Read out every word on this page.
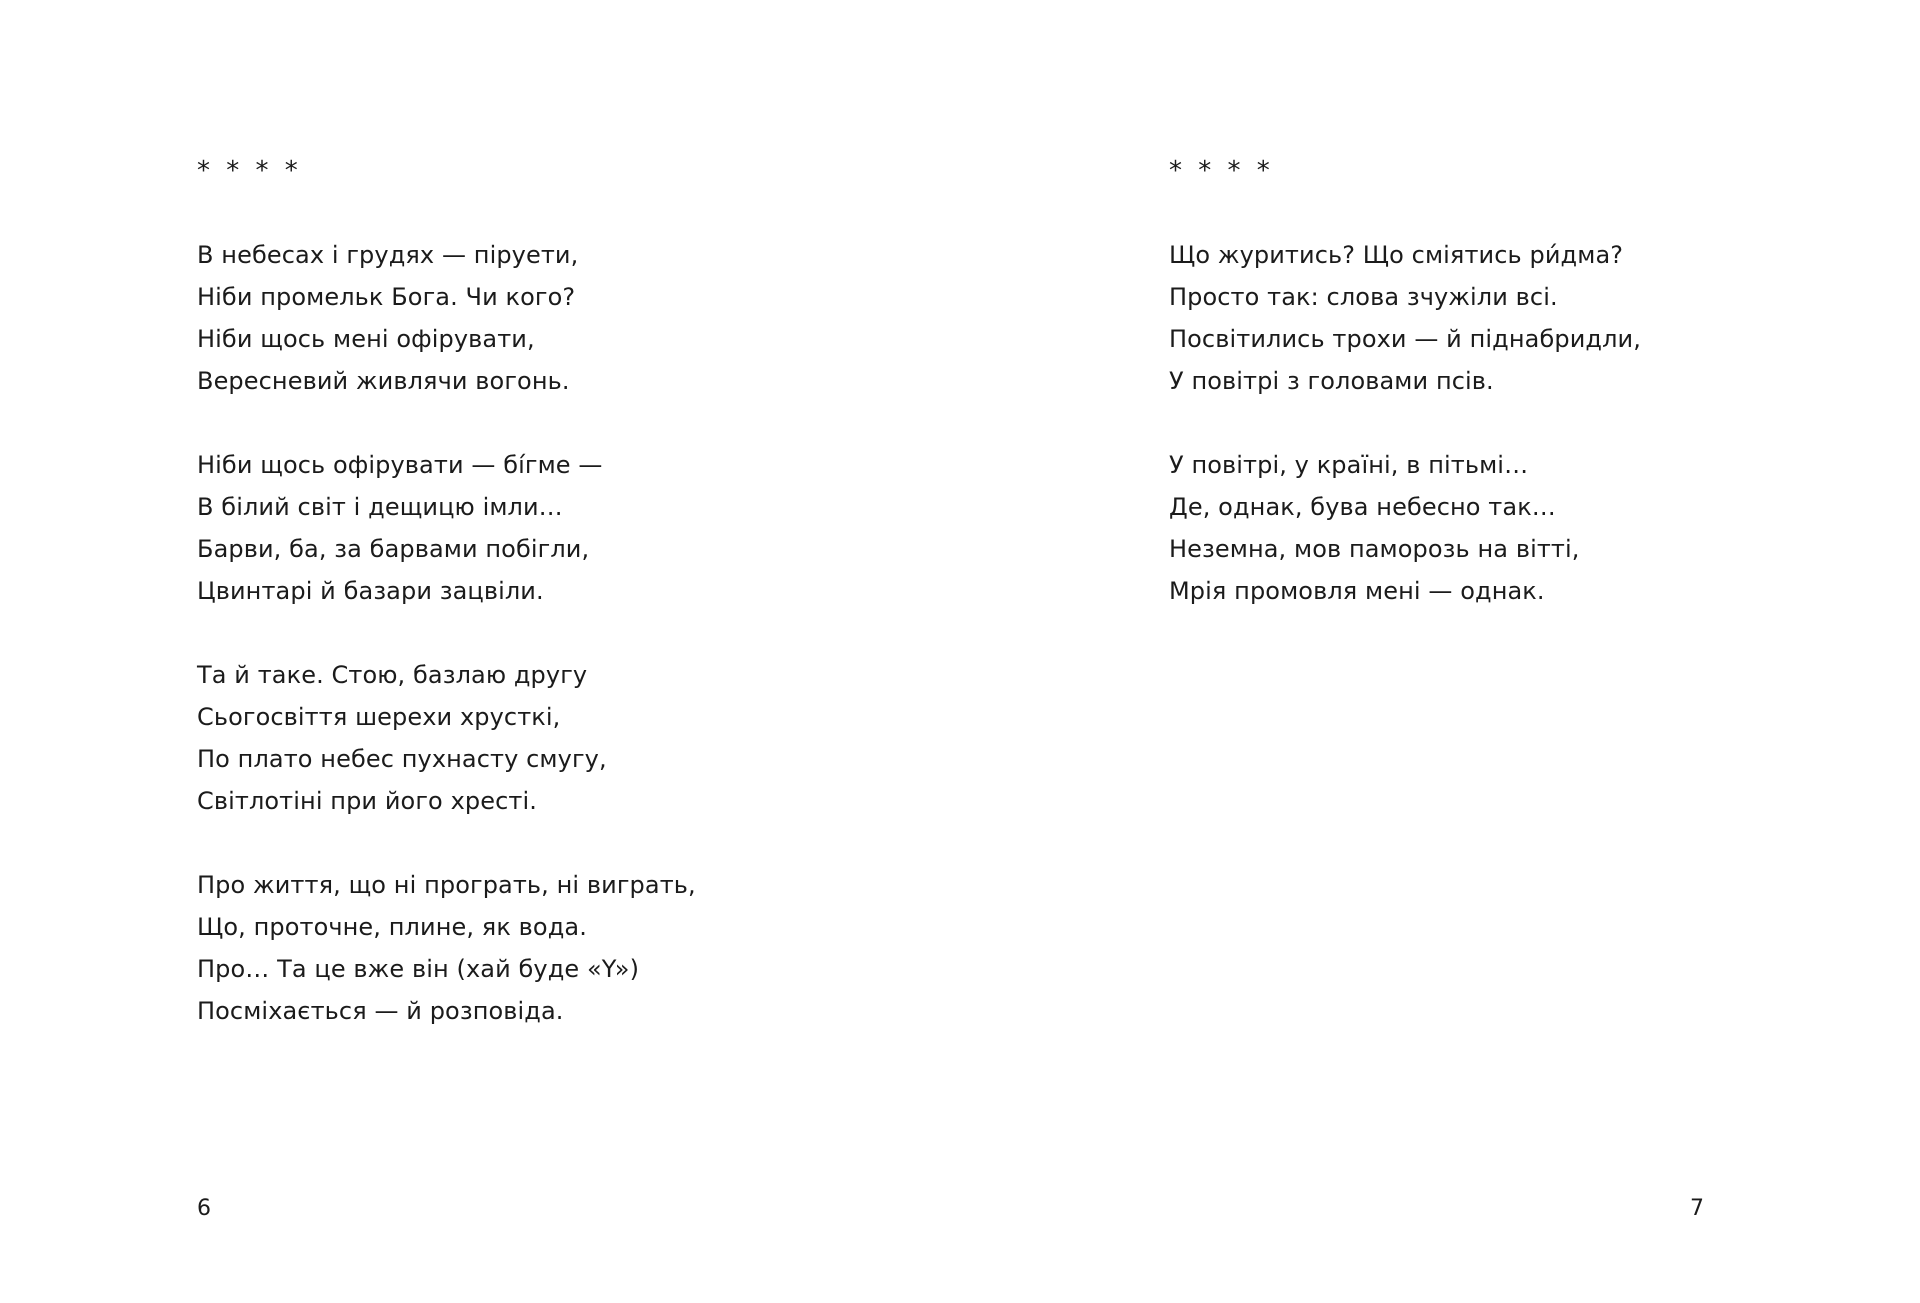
* * * *
В небесах і грудях — піруети,
Ніби промельк Бога. Чи кого?
Ніби щось мені офірувати,
Вересневий живлячи вогонь.
Ніби щось офірувати — бíгме —
В білий світ і дещицю імли…
Барви, ба, за барвами побігли,
Цвинтарі й базари зацвіли.
Та й таке. Стою, базлаю другу
Сьогосвіття шерехи хрусткі,
По плато небес пухнасту смугу,
Світлотіні при його хресті.
Про життя, що ні програть, ні виграть,
Що, проточне, плине, як вода.
Про… Та це вже він (хай буде «Y»)
Посміхається — й розповіда.
6
* * * *
Що журитись? Що сміятись ри́дма?
Просто так: слова зчужіли всі.
Посвітились трохи — й піднабридли,
У повітрі з головами псів.
У повітрі, у країні, в пітьмі…
Де, однак, бува небесно так…
Неземна, мов паморозь на вітті,
Мрія промовля мені — однак.
7
